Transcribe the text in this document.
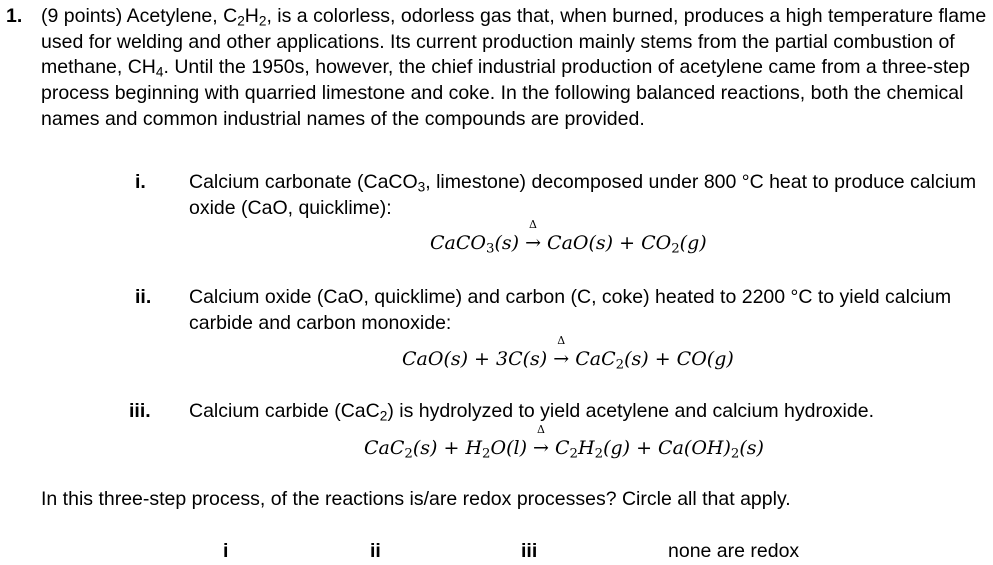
1. (9 points) Acetylene, $C_2H_2$, is a colorless, odorless gas that, when burned, produces a high temperature flame used for welding and other applications. Its current production mainly stems from the partial combustion of methane, $CH_4$. Until the 1950s, however, the chief industrial production of acetylene came from a three-step process beginning with quarried limestone and coke. In the following balanced reactions, both the chemical names and common industrial names of the compounds are provided.
i. Calcium carbonate (CaCO$_3$, limestone) decomposed under 800 °C heat to produce calcium oxide (CaO, quicklime):
CaCO$_3$(s)
Δ
→ $CaO(s) + CO_2(g)$
ii. Calcium oxide (CaO, quicklime) and carbon (C, coke) heated to 2200 °C to yield calcium carbide and carbon monoxide:
CaO(s) + 3C(s)
Δ
→ CaC$_2$(s) + CO(g)
iii. Calcium carbide (CaC$_2$) is hydrolyzed to yield acetylene and calcium hydroxide.
$CaC_2(s) + H_2O(l)$
Δ
→ $C_2H_2(g) + Ca(OH)_2(s)$
In this three-step process, of the reactions is/are redox processes? Circle all that apply.
i	ii	iii	none are redox
